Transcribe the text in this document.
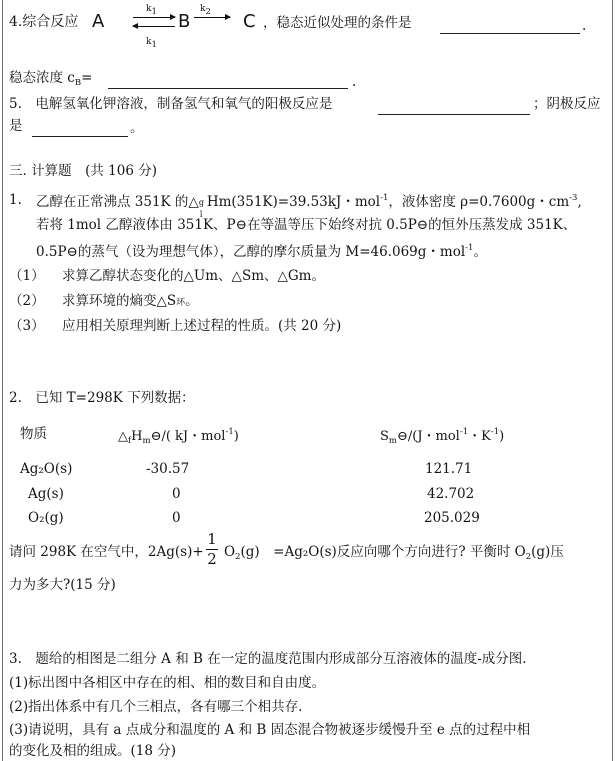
4.综合反应 A
k1
k1
B
k2 C ，稳态近似处理的条件是	.
稳态浓度 $c_B=$	.
5.　电解氢氧化钾溶液，制备氢气和氧气的阳极反应是	；阴极反应
是	。
三. 计算题　(共 106 分)
1. 乙醇在正常沸点 351K 的△ g
l
Hm(351K)=39.53kJ・mol$^{-1}$，液体密度 ρ=0.7600g・$cm^{-3}$,
若将 1mol 乙醇液体由 351K、P⊖在等温等压下始终对抗 0.5P⊖的恒外压蒸发成 351K、
0.5P⊖的蒸气（设为理想气体），乙醇的摩尔质量为 M=46.069g・mol$^{-1}$。
（1） 求算乙醇状态变化的△Um、△Sm、△Gm。
（2） 求算环境的熵变△S环。
（3） 应用相关原理判断上述过程的性质。(共 20 分)
2.　已知 T=298K 下列数据：
物质	$\triangle_fH_m⊖/$( kJ・mol$^{-1}$)	$S_m⊖/(J$・mol$^{-1}$・$K^{-1}$)
Ag₂O(s)	-30.57	121.71
Ag(s)	0	42.702
O₂(g)	0	205.029
请问 298K 在空气中，2Ag(s)+
1
2 $O_2(g)$　=Ag₂O(s)反应向哪个方向进行? 平衡时 $O_2(g)$压
力为多大?(15 分)
3.　题给的相图是二组分 A 和 B 在一定的温度范围内形成部分互溶液体的温度-成分图.
(1)标出图中各相区中存在的相、相的数目和自由度。
(2)指出体系中有几个三相点，各有哪三个相共存.
(3)请说明，具有 a 点成分和温度的 A 和 B 固态混合物被逐步缓慢升至 e 点的过程中相
的变化及相的组成。(18 分)
